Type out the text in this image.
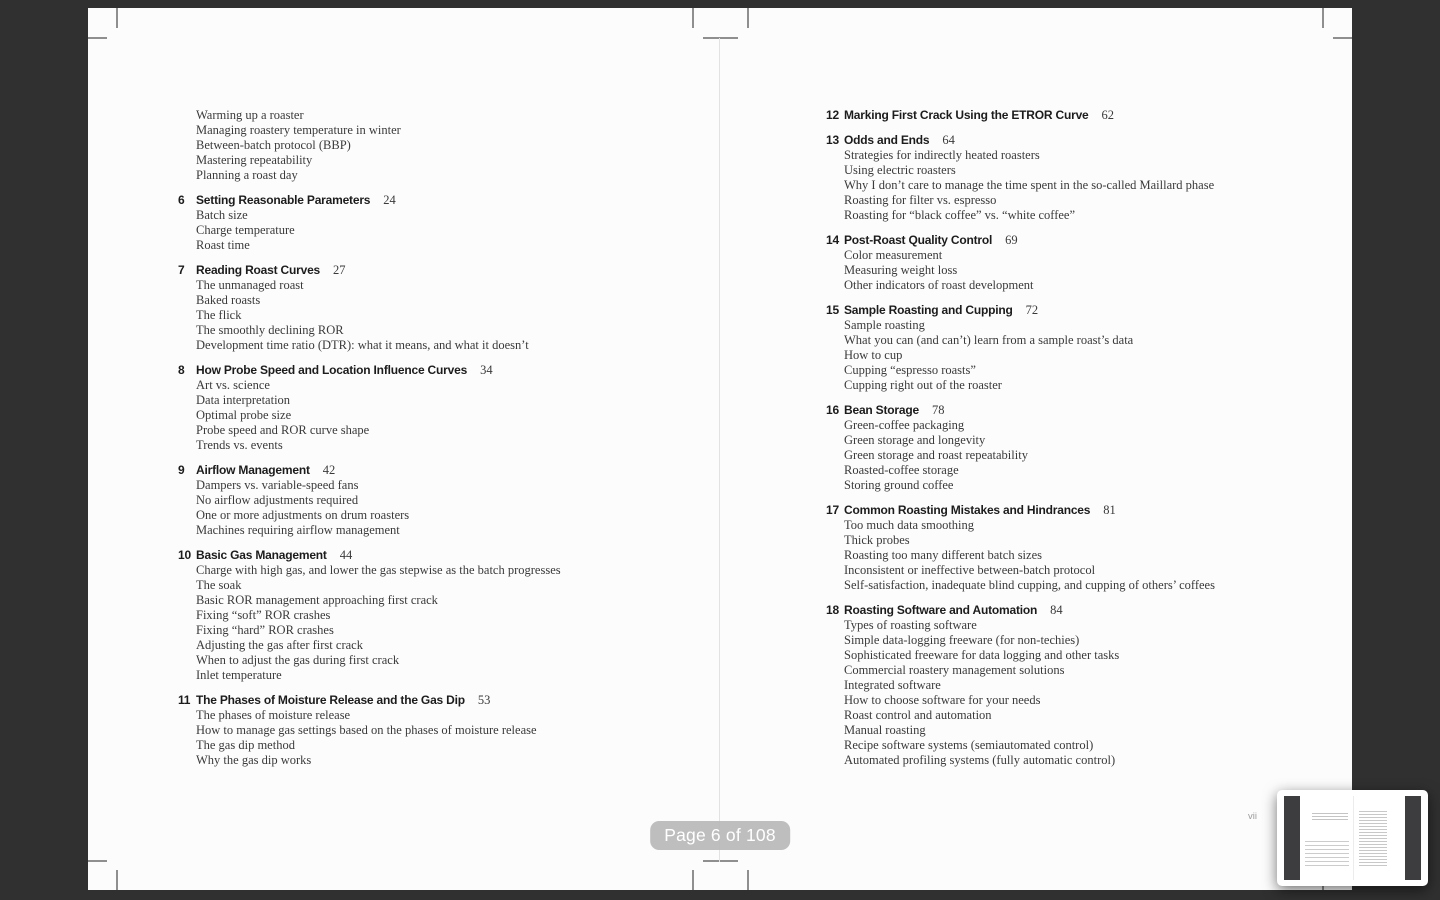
Warming up a roaster
Managing roastery temperature in winter
Between-batch protocol (BBP)
Mastering repeatability
Planning a roast day
6 Setting Reasonable Parameters 24
Batch size
Charge temperature
Roast time
7 Reading Roast Curves 27
The unmanaged roast
Baked roasts
The flick
The smoothly declining ROR
Development time ratio (DTR): what it means, and what it doesn’t
8 How Probe Speed and Location Influence Curves 34
Art vs. science
Data interpretation
Optimal probe size
Probe speed and ROR curve shape
Trends vs. events
9 Airflow Management 42
Dampers vs. variable-speed fans
No airflow adjustments required
One or more adjustments on drum roasters
Machines requiring airflow management
10 Basic Gas Management 44
Charge with high gas, and lower the gas stepwise as the batch progresses
The soak
Basic ROR management approaching first crack
Fixing “soft” ROR crashes
Fixing “hard” ROR crashes
Adjusting the gas after first crack
When to adjust the gas during first crack
Inlet temperature
11 The Phases of Moisture Release and the Gas Dip 53
The phases of moisture release
How to manage gas settings based on the phases of moisture release
The gas dip method
Why the gas dip works
12 Marking First Crack Using the ETROR Curve 62
13 Odds and Ends 64
Strategies for indirectly heated roasters
Using electric roasters
Why I don’t care to manage the time spent in the so-called Maillard phase
Roasting for filter vs. espresso
Roasting for “black coffee” vs. “white coffee”
14 Post-Roast Quality Control 69
Color measurement
Measuring weight loss
Other indicators of roast development
15 Sample Roasting and Cupping 72
Sample roasting
What you can (and can’t) learn from a sample roast’s data
How to cup
Cupping “espresso roasts”
Cupping right out of the roaster
16 Bean Storage 78
Green-coffee packaging
Green storage and longevity
Green storage and roast repeatability
Roasted-coffee storage
Storing ground coffee
17 Common Roasting Mistakes and Hindrances 81
Too much data smoothing
Thick probes
Roasting too many different batch sizes
Inconsistent or ineffective between-batch protocol
Self-satisfaction, inadequate blind cupping, and cupping of others’ coffees
18 Roasting Software and Automation 84
Types of roasting software
Simple data-logging freeware (for non-techies)
Sophisticated freeware for data logging and other tasks
Commercial roastery management solutions
Integrated software
How to choose software for your needs
Roast control and automation
Manual roasting
Recipe software systems (semiautomated control)
Automated profiling systems (fully automatic control)
vii
Page 6 of 108
